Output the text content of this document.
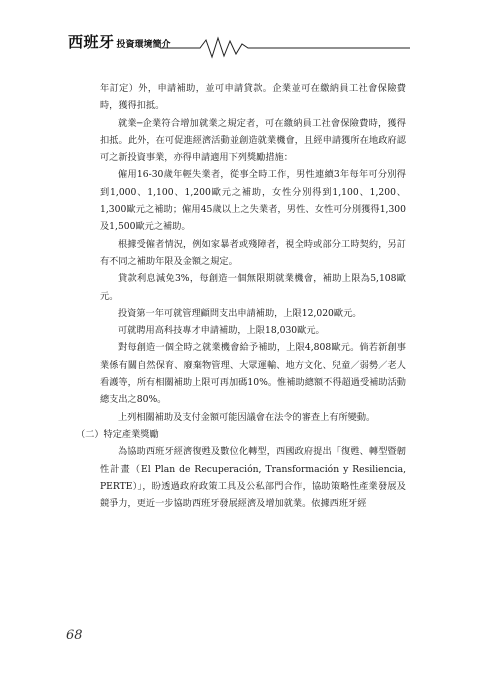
西班牙 投資環境簡介

年訂定）外，申請補助，並可申請貸款。企業並可在繳納員工社會保險費時，獲得扣抵。

就業─企業符合增加就業之規定者，可在繳納員工社會保險費時，獲得扣抵。此外，在可促進經濟活動並創造就業機會，且經申請獲所在地政府認可之新投資事業，亦得申請適用下列獎勵措施：

僱用16-30歲年輕失業者，從事全時工作，男性連續3年每年可分別得到1,000、1,100、1,200歐元之補助，女性分別得到1,100、1,200、1,300歐元之補助；僱用45歲以上之失業者，男性、女性可分別獲得1,300及1,500歐元之補助。

根據受僱者情況，例如家暴者或殘障者，視全時或部分工時契約，另訂有不同之補助年限及金額之規定。

貸款利息減免3%，每創造一個無限期就業機會，補助上限為5,108歐元。

投資第一年可就管理顧問支出申請補助，上限12,020歐元。

可就聘用高科技專才申請補助，上限18,030歐元。

對每創造一個全時之就業機會給予補助，上限4,808歐元。倘若新創事業係有關自然保育、廢棄物管理、大眾運輸、地方文化、兒童／弱勢／老人看護等，所有相關補助上限可再加碼10%。惟補助總額不得超過受補助活動總支出之80%。

上列相關補助及支付金額可能因議會在法令的審查上有所變動。

（二）特定產業獎勵

為協助西班牙經濟復甦及數位化轉型，西國政府提出「復甦、轉型暨韌性計畫（El Plan de Recuperación, Transformación y Resiliencia, PERTE）」，盼透過政府政策工具及公私部門合作，協助策略性產業發展及競爭力，更近一步協助西班牙發展經濟及增加就業。依據西班牙經

68
